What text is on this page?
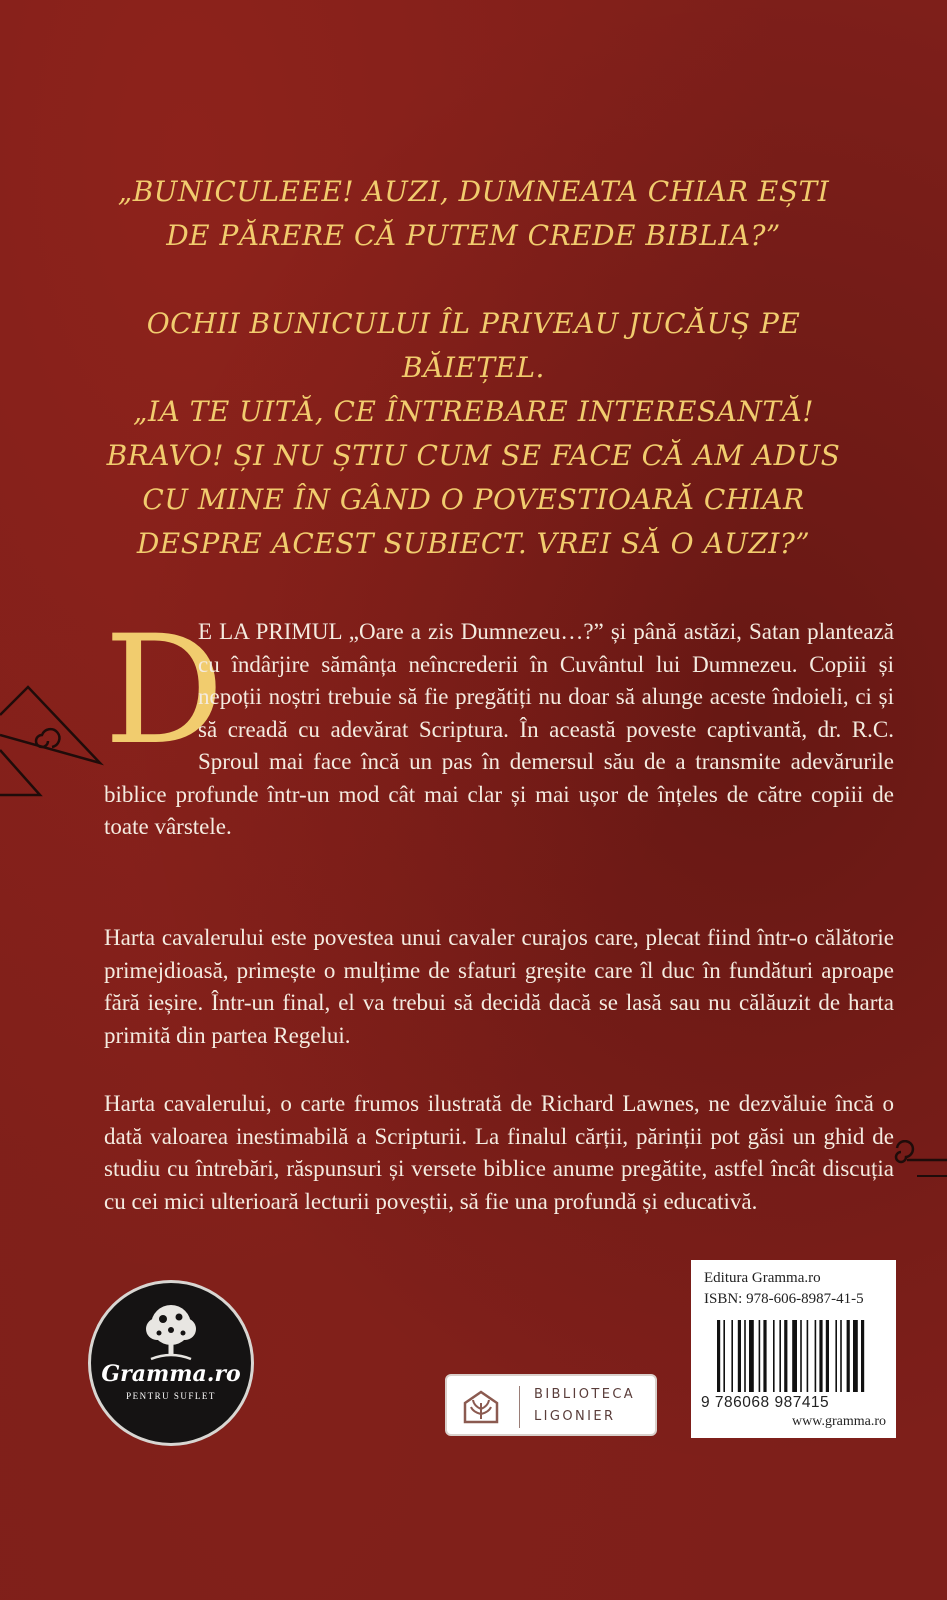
„BUNICULEEE! AUZI, DUMNEATA CHIAR EȘTI DE PĂRERE CĂ PUTEM CREDE BIBLIA?”

OCHII BUNICULUI ÎL PRIVEAU JUCĂUȘ PE BĂIEȚEL.

„IA TE UITĂ, CE ÎNTREBARE INTERESANTĂ! BRAVO! ȘI NU ȘTIU CUM SE FACE CĂ AM ADUS CU MINE ÎN GÂND O POVESTIOARĂ CHIAR DESPRE ACEST SUBIECT. VREI SĂ O AUZI?”

D
E LA PRIMUL „Oare a zis Dumnezeu…?” și până astăzi, Satan plantează cu îndârjire sămânța neîncrederii în Cuvântul lui Dumnezeu. Copiii și nepoții noștri trebuie să fie pregătiți nu doar să alunge aceste îndoieli, ci și să creadă cu adevărat Scriptura. În această poveste captivantă, dr. R.C. Sproul mai face încă un pas în demersul său de a transmite adevărurile biblice profunde într-un mod cât mai clar și mai ușor de înțeles de către copiii de toate vârstele.

Harta cavalerului este povestea unui cavaler curajos care, plecat fiind într-o călătorie primejdioasă, primește o mulțime de sfaturi greșite care îl duc în fundături aproape fără ieșire. Într-un final, el va trebui să decidă dacă se lasă sau nu călăuzit de harta primită din partea Regelui.

Harta cavalerului, o carte frumos ilustrată de Richard Lawnes, ne dezvăluie încă o dată valoarea inestimabilă a Scripturii. La finalul cărții, părinții pot găsi un ghid de studiu cu întrebări, răspunsuri și versete biblice anume pregătite, astfel încât discuția cu cei mici ulterioară lecturii poveștii, să fie una profundă și educativă.

Gramma.ro
PENTRU SUFLET	BIBLIOTECA
LIGONIER
Editura Gramma.ro
ISBN: 978-606-8987-41-5
9 786068 987415
www.gramma.ro
